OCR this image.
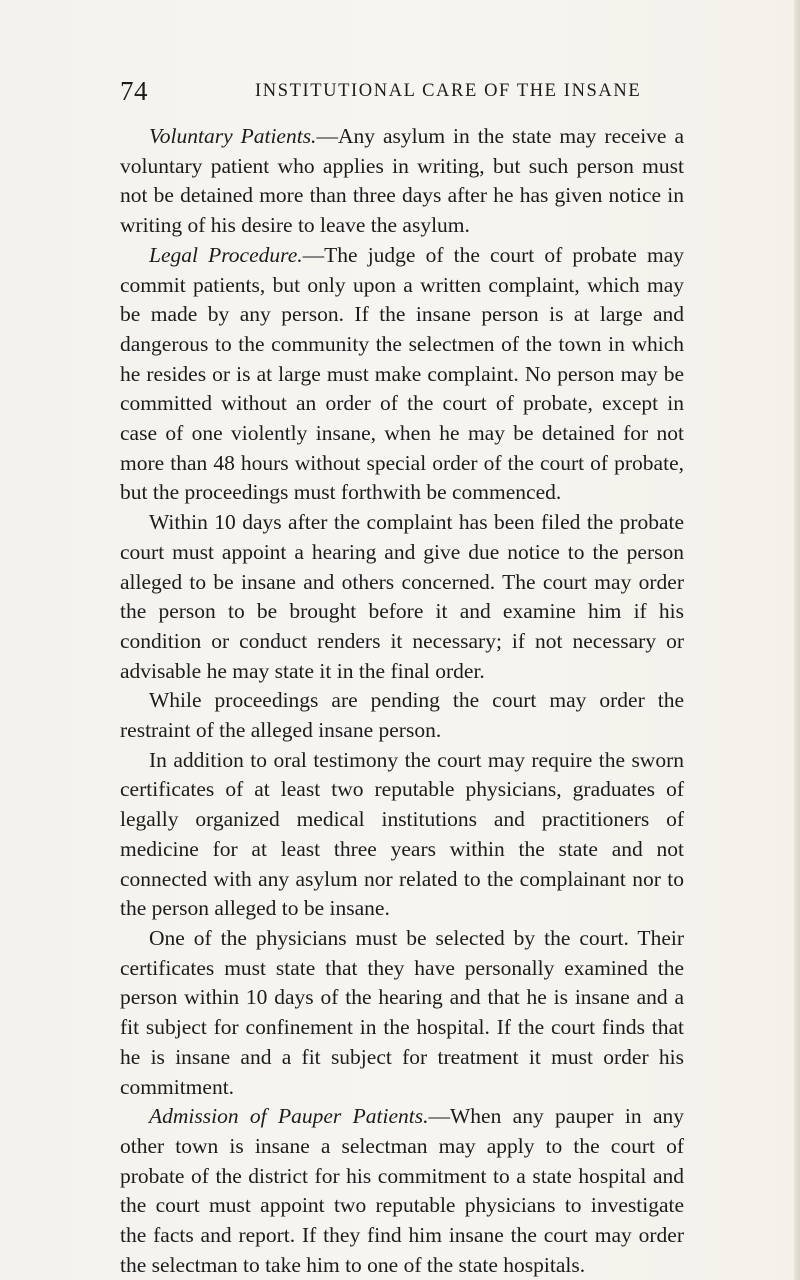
74	INSTITUTIONAL CARE OF THE INSANE

Voluntary Patients.—Any asylum in the state may receive a voluntary patient who applies in writing, but such person must not be detained more than three days after he has given notice in writing of his desire to leave the asylum.

Legal Procedure.—The judge of the court of probate may commit patients, but only upon a written complaint, which may be made by any person. If the insane person is at large and dangerous to the community the selectmen of the town in which he resides or is at large must make complaint. No person may be committed without an order of the court of probate, except in case of one violently insane, when he may be detained for not more than 48 hours without special order of the court of probate, but the proceedings must forthwith be commenced.

Within 10 days after the complaint has been filed the probate court must appoint a hearing and give due notice to the person alleged to be insane and others concerned. The court may order the person to be brought before it and examine him if his condition or conduct renders it necessary; if not necessary or advisable he may state it in the final order.

While proceedings are pending the court may order the restraint of the alleged insane person.

In addition to oral testimony the court may require the sworn certificates of at least two reputable physicians, graduates of legally organized medical institutions and practitioners of medicine for at least three years within the state and not connected with any asylum nor related to the complainant nor to the person alleged to be insane.

One of the physicians must be selected by the court. Their certificates must state that they have personally examined the person within 10 days of the hearing and that he is insane and a fit subject for confinement in the hospital. If the court finds that he is insane and a fit subject for treatment it must order his commitment.

Admission of Pauper Patients.—When any pauper in any other town is insane a selectman may apply to the court of probate of the district for his commitment to a state hospital and the court must appoint two reputable physicians to investigate the facts and report. If they find him insane the court may order the selectman to take him to one of the state hospitals.
